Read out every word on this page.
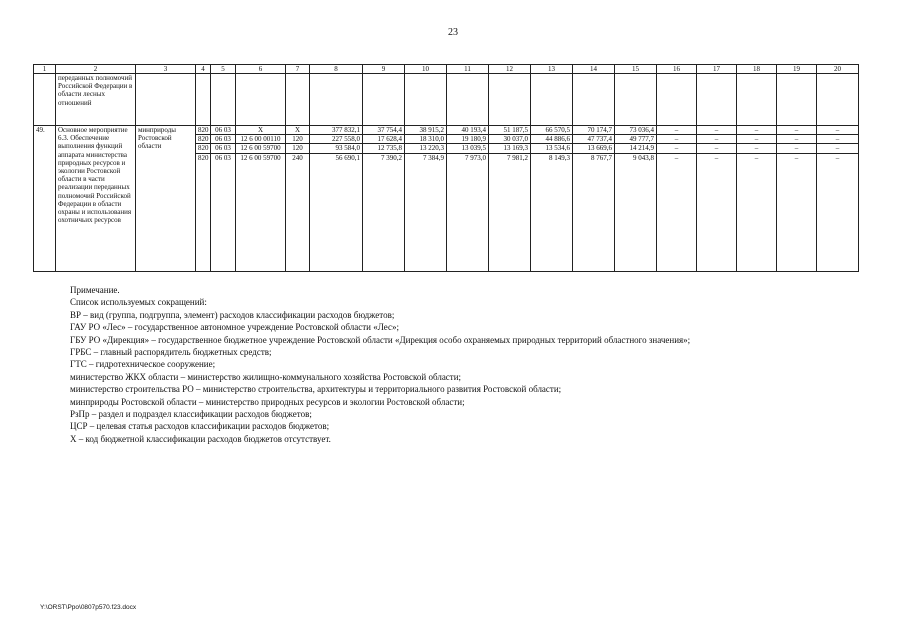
23
1	2	3	4	5	6	7	8	9	10	11	12	13	14	15	16	17	18	19	20
	переданных полномочий Российской Федерации в области лесных отношений																		
49.	Основное мероприятие 6.3. Обеспечение выполнения функций аппарата министерства природных ресурсов и экологии Ростовской области в части реализации переданных полномочий Российской Федерации в области охраны и использования охотничьих ресурсов	минприроды Ростовской области	820	06 03	X	X	377 832,1	37 754,4	38 915,2	40 193,4	51 187,5	66 570,5	70 174,7	73 036,4	–	–	–	–	–
			820	06 03	12 6 00 00110	120	227 558,0	17 628,4	18 310,0	19 180,9	30 037,0	44 886,6	47 737,4	49 777,7	–	–	–	–	–
			820	06 03	12 6 00 59700	120	93 584,0	12 735,8	13 220,3	13 039,5	13 169,3	13 534,6	13 669,6	14 214,9	–	–	–	–	–
			820	06 03	12 6 00 59700	240	56 690,1	7 390,2	7 384,9	7 973,0	7 981,2	8 149,3	8 767,7	9 043,8	–	–	–	–	–
Примечание.
Список используемых сокращений:
ВР – вид (группа, подгруппа, элемент) расходов классификации расходов бюджетов;
ГАУ РО «Лес» – государственное автономное учреждение Ростовской области «Лес»;
ГБУ РО «Дирекция» – государственное бюджетное учреждение Ростовской области «Дирекция особо охраняемых природных территорий областного значения»;
ГРБС – главный распорядитель бюджетных средств;
ГТС – гидротехническое сооружение;
министерство ЖКХ области – министерство жилищно-коммунального хозяйства Ростовской области;
министерство строительства РО – министерство строительства, архитектуры и территориального развития Ростовской области;
минприроды Ростовской области – министерство природных ресурсов и экологии Ростовской области;
РзПр – раздел и подраздел классификации расходов бюджетов;
ЦСР – целевая статья расходов классификации расходов бюджетов;
X – код бюджетной классификации расходов бюджетов отсутствует.
Y:\ORST\Ppo\0807p570.f23.docx
